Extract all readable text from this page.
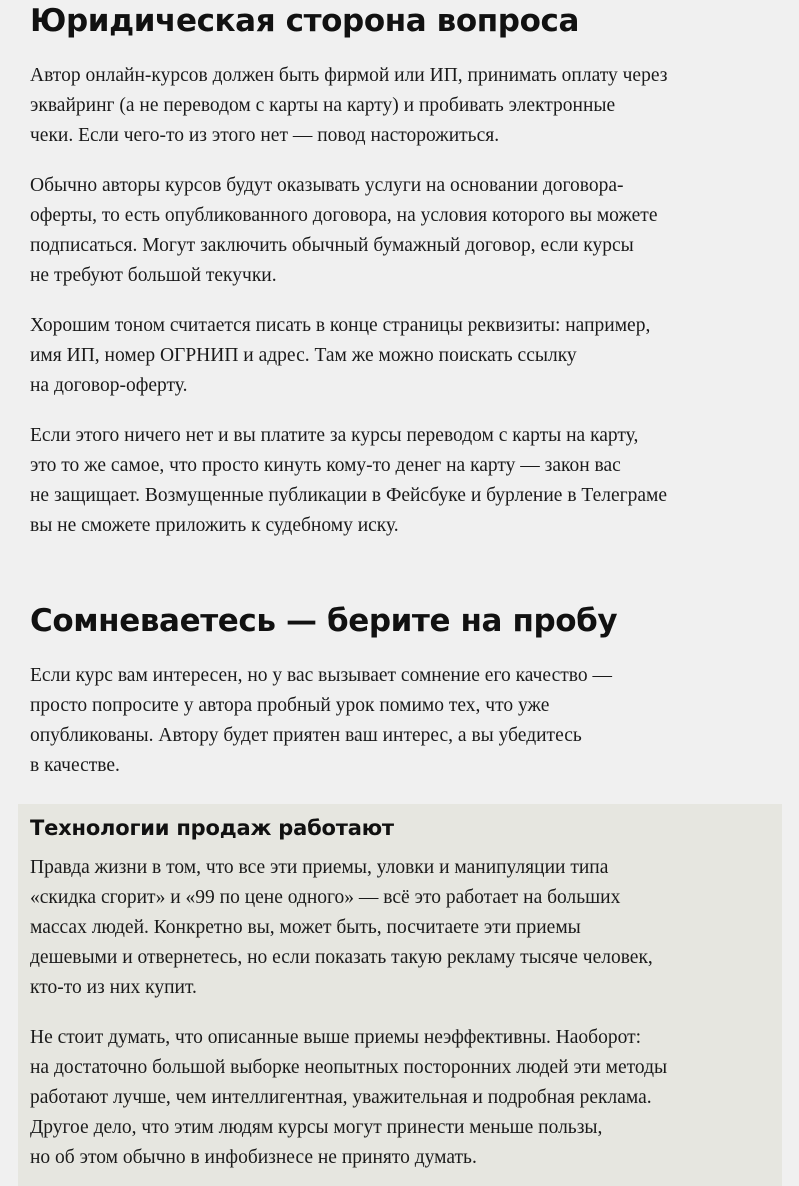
Юридическая сторона вопроса

Автор онлайн-курсов должен быть фирмой или ИП, принимать оплату через
эквайринг (а не переводом с карты на карту) и пробивать электронные
чеки. Если чего-то из этого нет — повод насторожиться.

Обычно авторы курсов будут оказывать услуги на основании договора-
оферты, то есть опубликованного договора, на условия которого вы можете
подписаться. Могут заключить обычный бумажный договор, если курсы
не требуют большой текучки.

Хорошим тоном считается писать в конце страницы реквизиты: например,
имя ИП, номер ОГРНИП и адрес. Там же можно поискать ссылку
на договор-оферту.

Если этого ничего нет и вы платите за курсы переводом с карты на карту,
это то же самое, что просто кинуть кому-то денег на карту — закон вас
не защищает. Возмущенные публикации в Фейсбуке и бурление в Телеграме
вы не сможете приложить к судебному иску.

Сомневаетесь — берите на пробу

Если курс вам интересен, но у вас вызывает сомнение его качество —
просто попросите у автора пробный урок помимо тех, что уже
опубликованы. Автору будет приятен ваш интерес, а вы убедитесь
в качестве.

Технологии продаж работают

Правда жизни в том, что все эти приемы, уловки и манипуляции типа
«скидка сгорит» и «99 по цене одного» — всё это работает на больших
массах людей. Конкретно вы, может быть, посчитаете эти приемы
дешевыми и отвернетесь, но если показать такую рекламу тысяче человек,
кто-то из них купит.

Не стоит думать, что описанные выше приемы неэффективны. Наоборот:
на достаточно большой выборке неопытных посторонних людей эти методы
работают лучше, чем интеллигентная, уважительная и подробная реклама.
Другое дело, что этим людям курсы могут принести меньше пользы,
но об этом обычно в инфобизнесе не принято думать.
